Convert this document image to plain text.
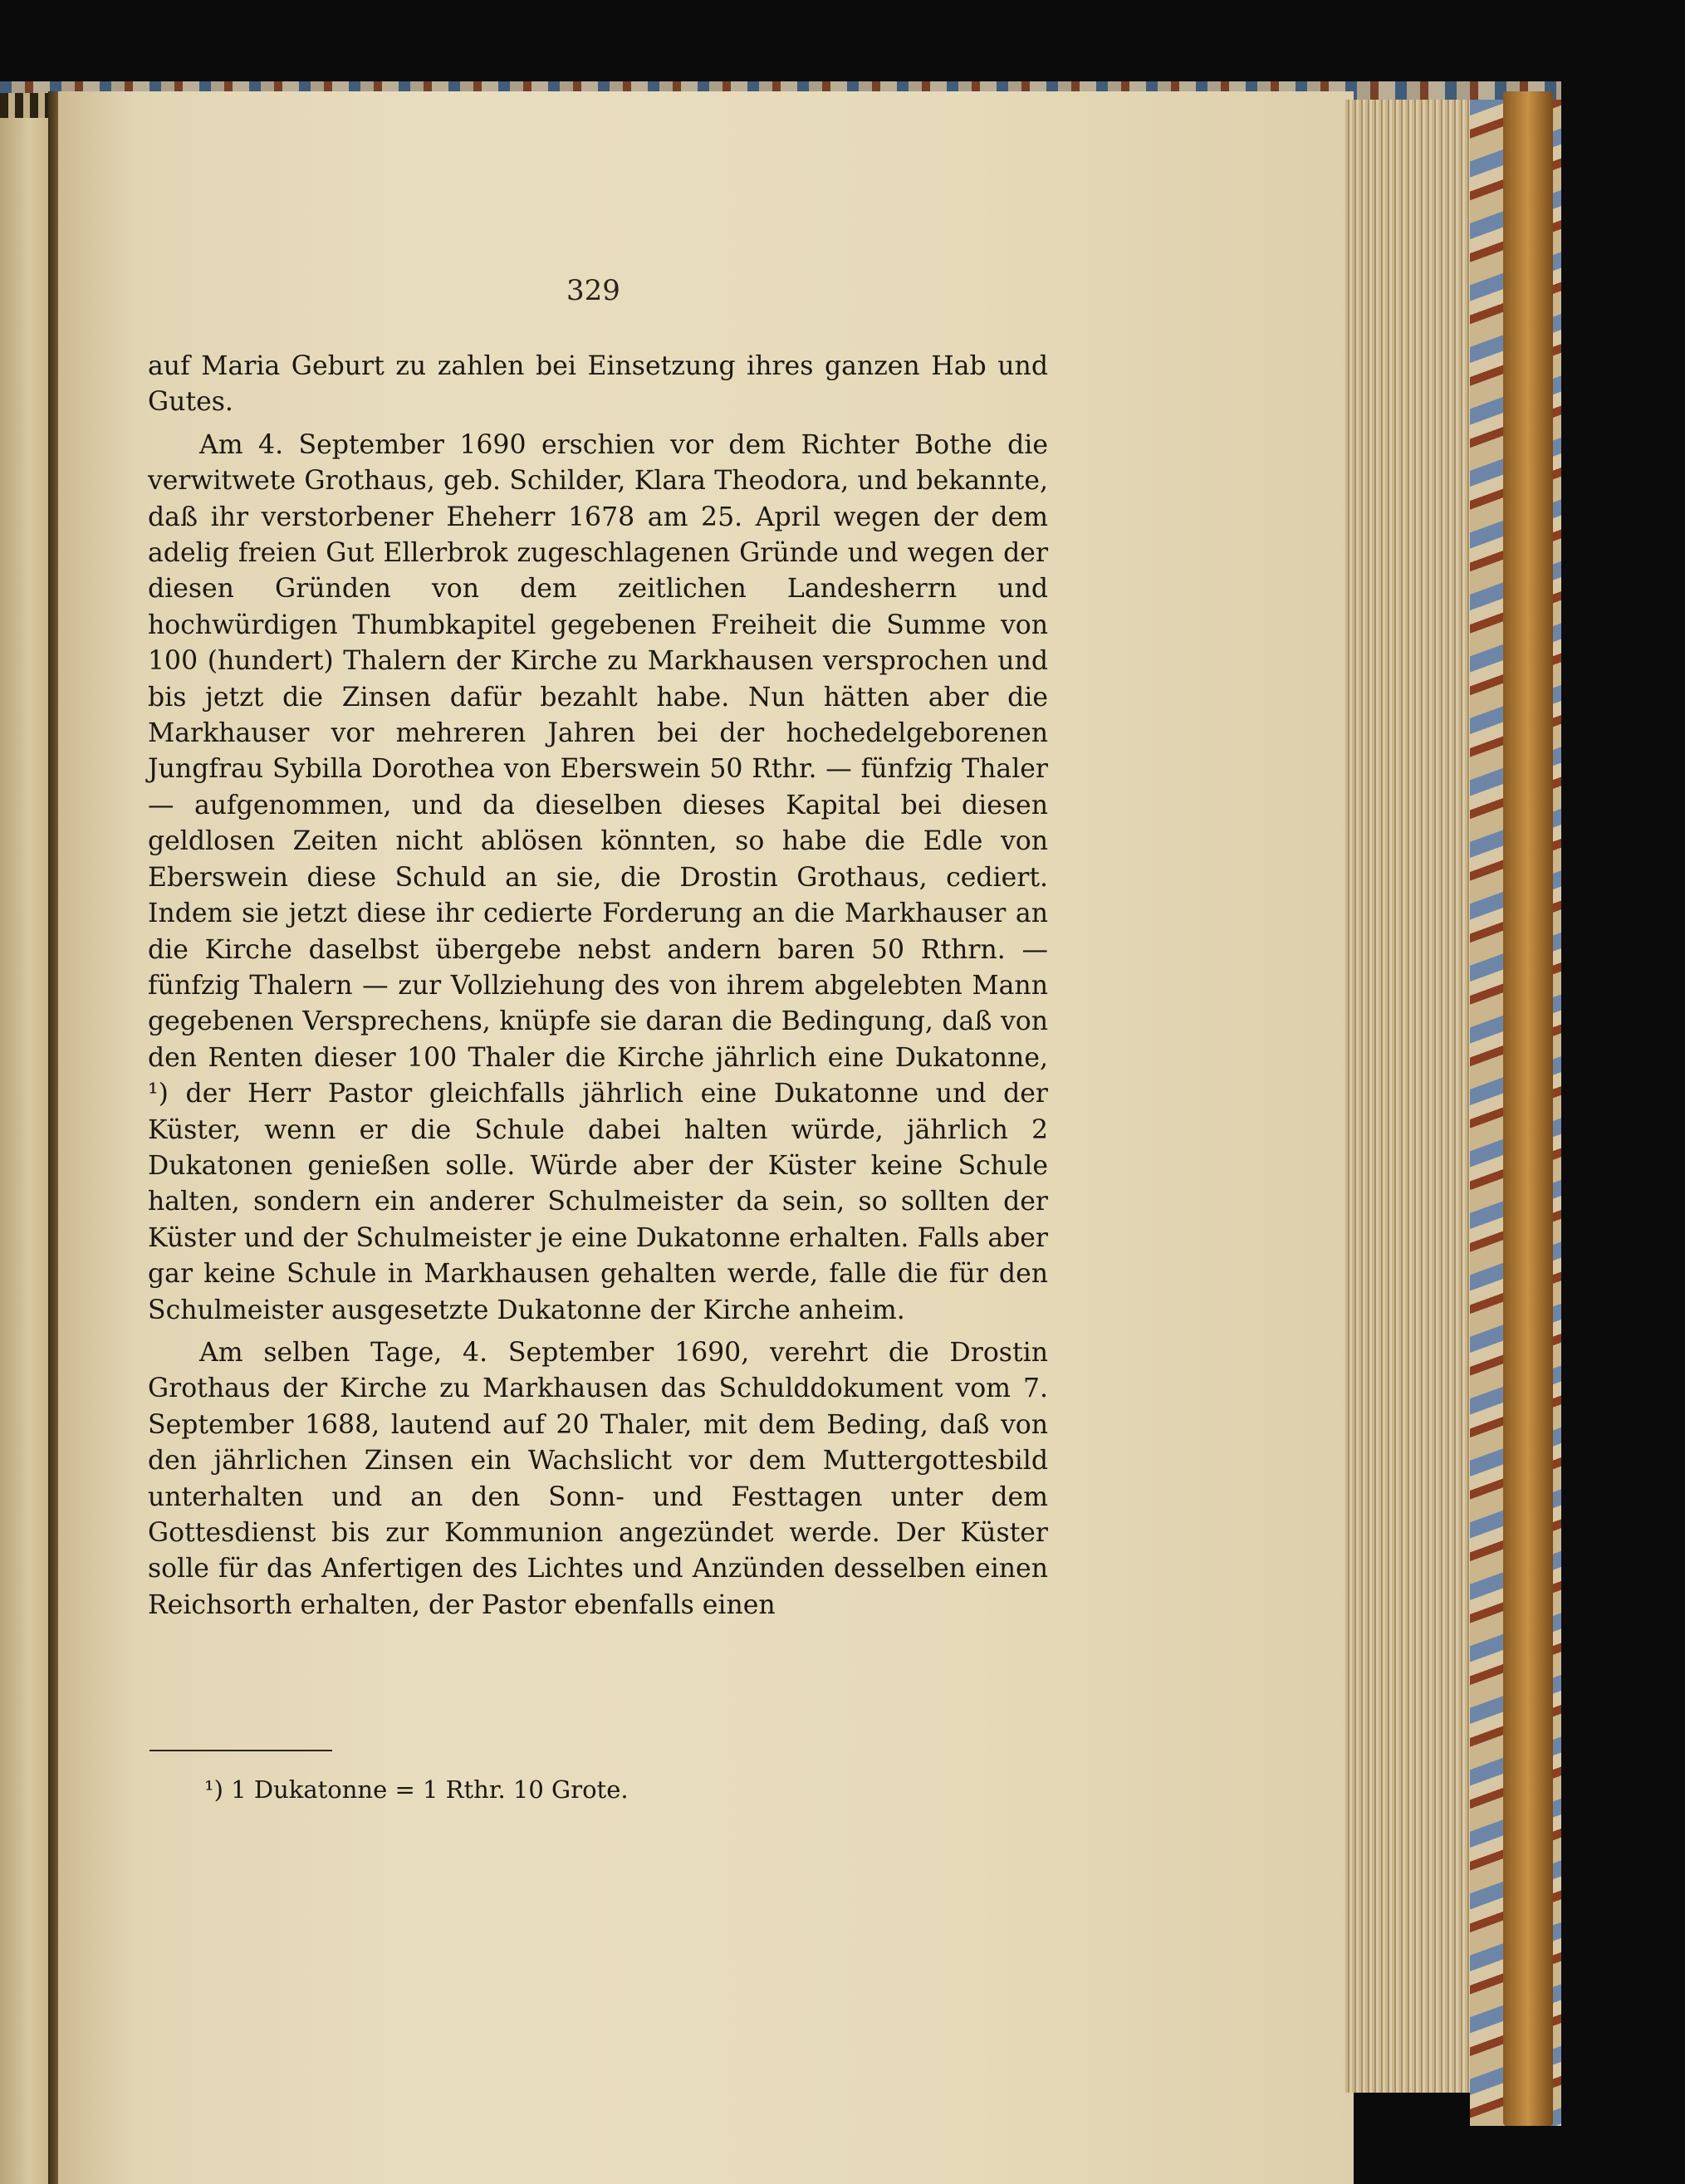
329

auf Maria Geburt zu zahlen bei Einsetzung ihres ganzen Hab und Gutes.

Am 4. September 1690 erschien vor dem Richter Bothe die verwitwete Grothaus, geb. Schilder, Klara Theodora, und bekannte, daß ihr verstorbener Eheherr 1678 am 25. April wegen der dem adelig freien Gut Ellerbrok zugeschlagenen Gründe und wegen der diesen Gründen von dem zeitlichen Landesherrn und hochwürdigen Thumbkapitel gegebenen Freiheit die Summe von 100 (hundert) Thalern der Kirche zu Markhausen versprochen und bis jetzt die Zinsen dafür bezahlt habe. Nun hätten aber die Markhauser vor mehreren Jahren bei der hochedelgeborenen Jungfrau Sybilla Dorothea von Eberswein 50 Rthr. — fünfzig Thaler — aufgenommen, und da dieselben dieses Kapital bei diesen geldlosen Zeiten nicht ablösen könnten, so habe die Edle von Eberswein diese Schuld an sie, die Drostin Grothaus, cediert. Indem sie jetzt diese ihr cedierte Forderung an die Markhauser an die Kirche daselbst übergebe nebst andern baren 50 Rthrn. — fünfzig Thalern — zur Vollziehung des von ihrem abgelebten Mann gegebenen Versprechens, knüpfe sie daran die Bedingung, daß von den Renten dieser 100 Thaler die Kirche jährlich eine Dukatonne, ¹) der Herr Pastor gleichfalls jährlich eine Dukatonne und der Küster, wenn er die Schule dabei halten würde, jährlich 2 Dukatonen genießen solle. Würde aber der Küster keine Schule halten, sondern ein anderer Schulmeister da sein, so sollten der Küster und der Schulmeister je eine Dukatonne erhalten. Falls aber gar keine Schule in Markhausen gehalten werde, falle die für den Schulmeister ausgesetzte Dukatonne der Kirche anheim.

Am selben Tage, 4. September 1690, verehrt die Drostin Grothaus der Kirche zu Markhausen das Schulddokument vom 7. September 1688, lautend auf 20 Thaler, mit dem Beding, daß von den jährlichen Zinsen ein Wachslicht vor dem Muttergottesbild unterhalten und an den Sonn- und Festtagen unter dem Gottesdienst bis zur Kommunion angezündet werde. Der Küster solle für das Anfertigen des Lichtes und Anzünden desselben einen Reichsorth erhalten, der Pastor ebenfalls einen

¹) 1 Dukatonne = 1 Rthr. 10 Grote.
